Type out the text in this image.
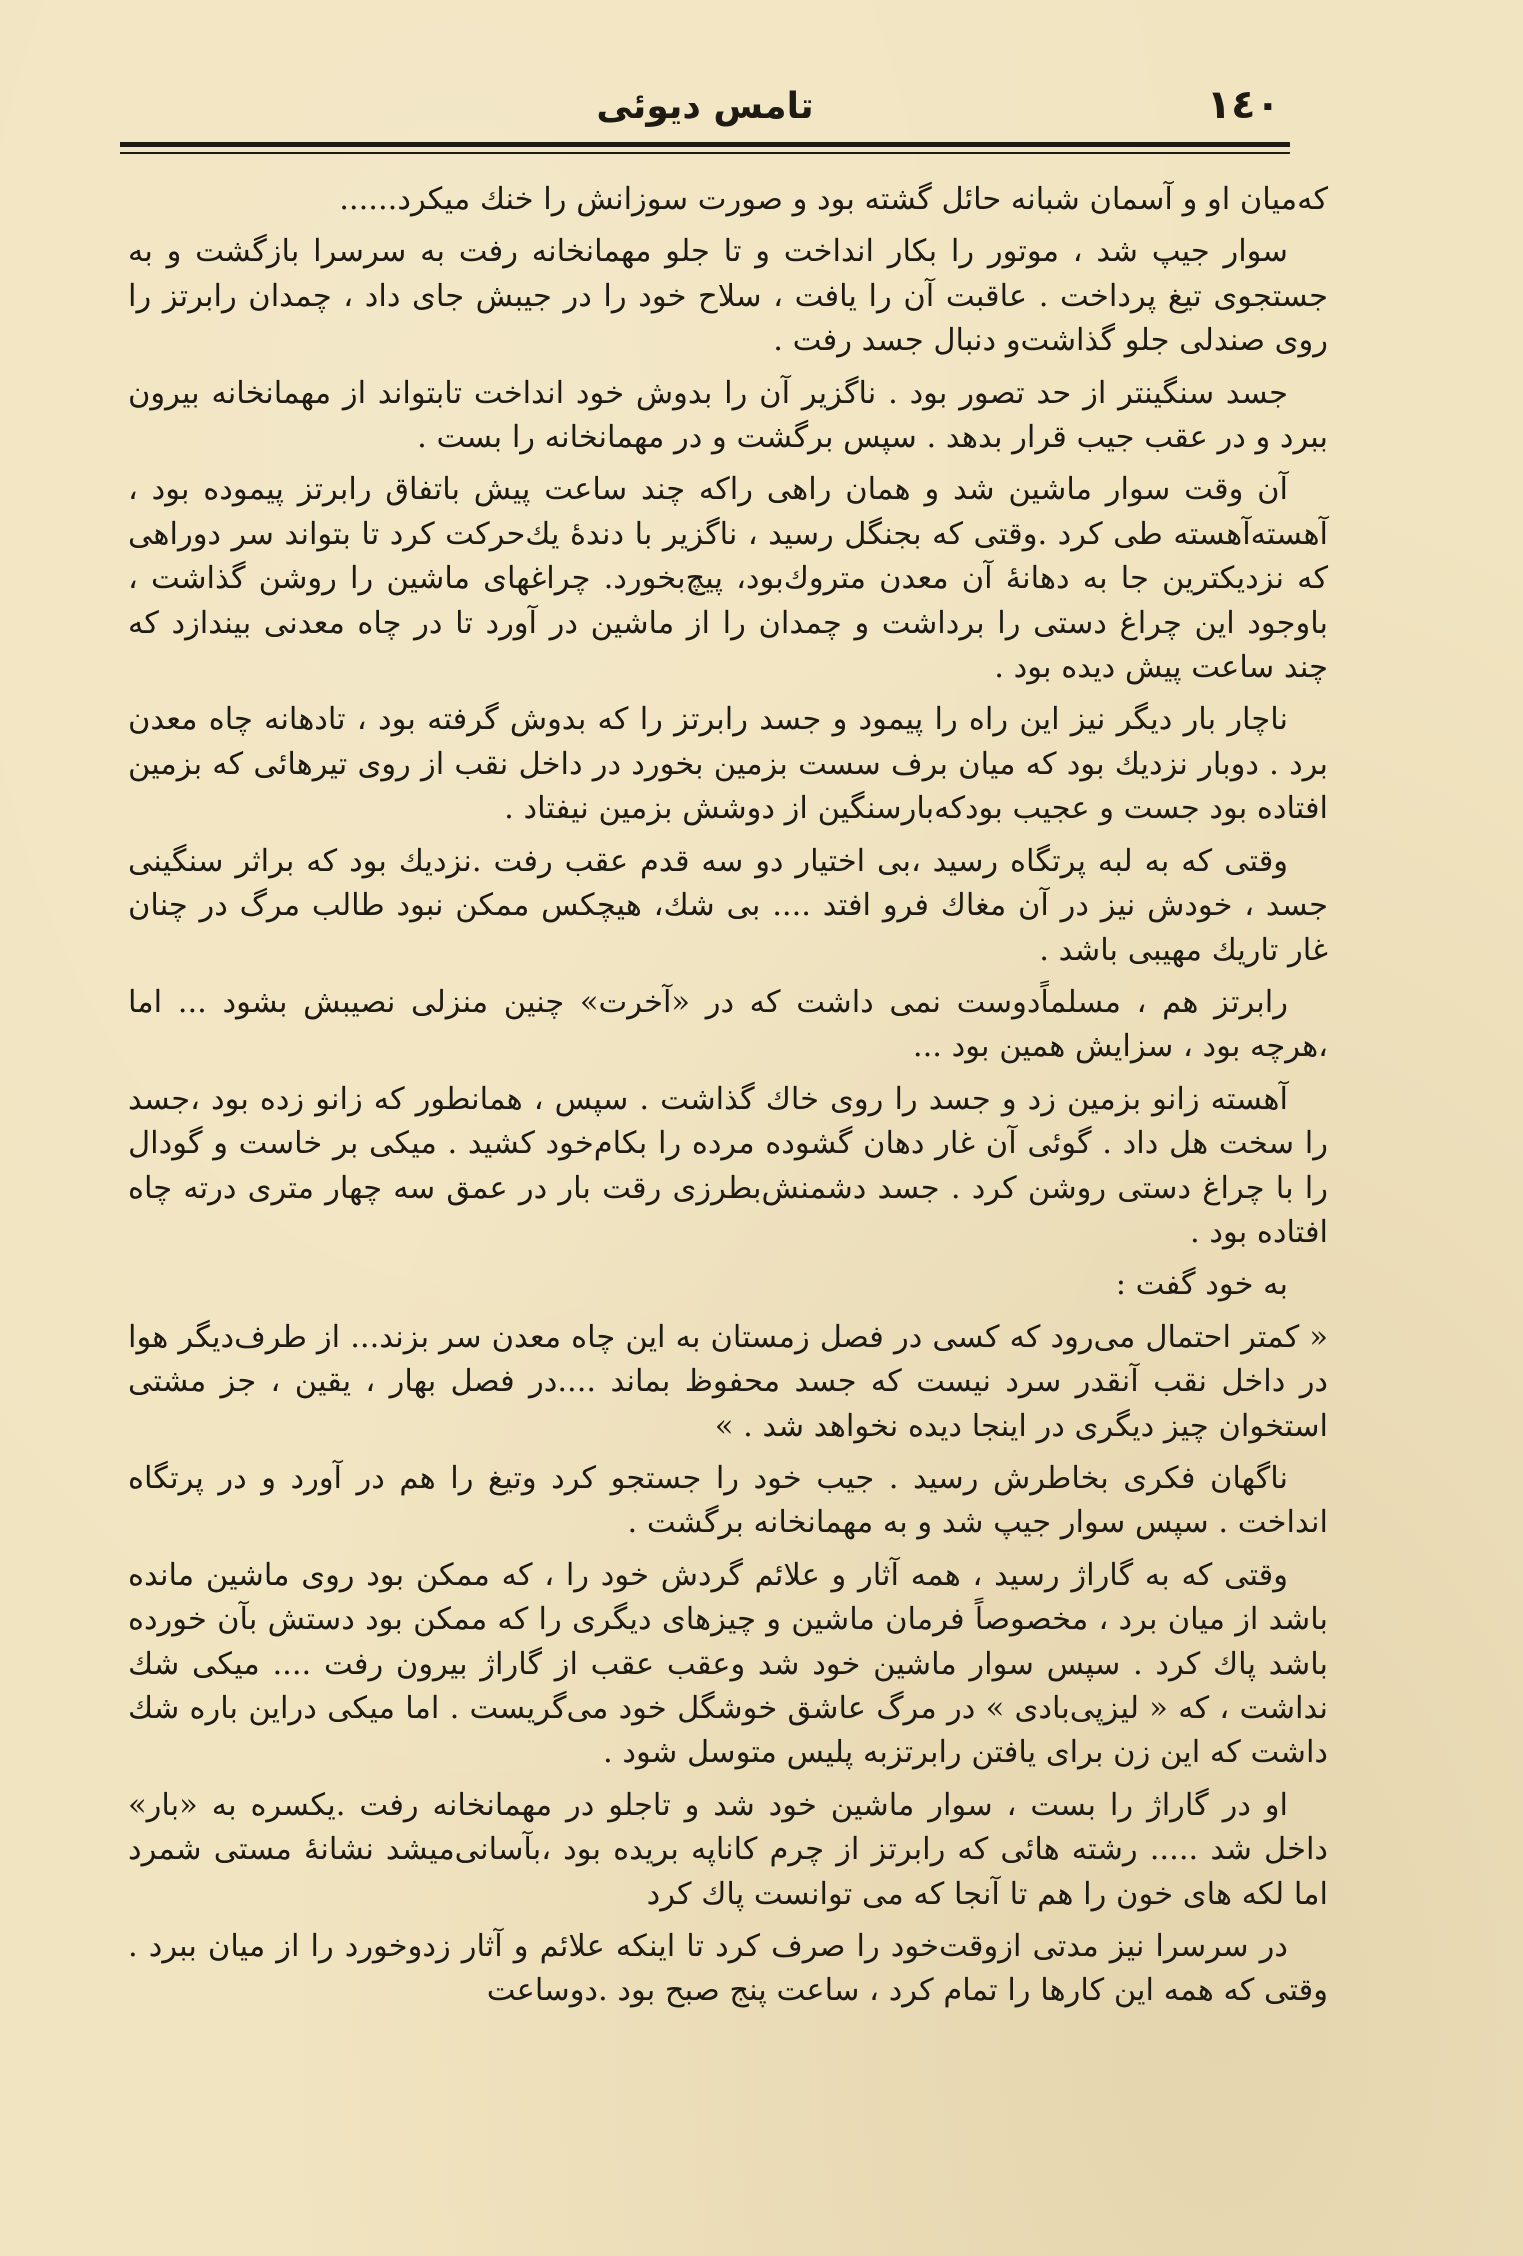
۱٤۰
تامس دیوئی

که‌میان او و آسمان شبانه حائل گشته بود و صورت سوزانش را خنك میکرد......

سوار جیپ شد ، موتور را بکار انداخت و تا جلو مهمانخانه رفت به سرسرا بازگشت و به جستجوی تیغ پرداخت . عاقبت آن را یافت ، سلاح خود را در جیبش جای داد ، چمدان رابرتز را روی صندلی جلو گذاشت‌و دنبال جسد رفت .

جسد سنگینتر از حد تصور بود . ناگزیر آن را بدوش خود انداخت تابتواند از مهمانخانه بیرون ببرد و در عقب جیب قرار بدهد . سپس برگشت و در مهمانخانه را بست .

آن وقت سوار ماشین شد و همان راهی راکه چند ساعت پیش باتفاق رابرتز پیموده بود ، آهسته‌آهسته طی کرد .وقتی که بجنگل رسید ، ناگزیر با دندهٔ یك‌حرکت کرد تا بتواند سر دوراهی که نزدیکترین جا به دهانهٔ آن معدن متروك‌بود، پیچ‌بخورد. چراغهای ماشین را روشن گذاشت ، باوجود این چراغ دستی را برداشت و چمدان را از ماشین در آورد تا در چاه معدنی بیندازد که چند ساعت پیش دیده بود .

ناچار بار دیگر نیز این راه را پیمود و جسد رابرتز را که بدوش گرفته بود ، تادهانه چاه معدن برد . دوبار نزدیك بود که میان برف سست بزمین بخورد در داخل نقب از روی تیرهائی که بزمین افتاده بود جست و عجیب بودکه‌بارسنگین از دوشش بزمین نیفتاد .

وقتی که به لبه پرتگاه رسید ،بی اختیار دو سه قدم عقب رفت .نزدیك بود که براثر سنگینی جسد ، خودش نیز در آن مغاك فرو افتد .... بی شك، هیچکس ممکن نبود طالب مرگ در چنان غار تاریك مهیبی باشد .

رابرتز هم ، مسلماًدوست نمی داشت که در «آخرت» چنین منزلی نصیبش بشود ... اما ،هرچه بود ، سزایش همین بود ...

آهسته زانو بزمین زد و جسد را روی خاك گذاشت . سپس ، همانطور که زانو زده بود ،جسد را سخت هل داد . گوئی آن غار دهان گشوده مرده را بکام‌خود کشید . میکی بر خاست و گودال را با چراغ دستی روشن کرد . جسد دشمنش‌بطرزی رقت بار در عمق سه چهار متری درته چاه افتاده بود .

به خود گفت :

« کمتر احتمال می‌رود که کسی در فصل زمستان به این چاه معدن سر بزند... از طرف‌دیگر هوا در داخل نقب آنقدر سرد نیست که جسد محفوظ بماند ....در فصل بهار ، یقین ، جز مشتی استخوان چیز دیگری در اینجا دیده نخواهد شد . »

ناگهان فکری بخاطرش رسید . جیب خود را جستجو کرد وتیغ را هم در آورد و در پرتگاه انداخت . سپس سوار جیپ شد و به مهمانخانه برگشت .

وقتی که به گاراژ رسید ، همه آثار و علائم گردش خود را ، که ممکن بود روی ماشین مانده باشد از میان برد ، مخصوصاً فرمان ماشین و چیزهای دیگری را که ممکن بود دستش بآن خورده باشد پاك کرد . سپس سوار ماشین خود شد وعقب عقب از گاراژ بیرون رفت .... میکی شك نداشت ، که « لیزپی‌بادی » در مرگ عاشق خوشگل خود می‌گریست . اما میکی دراین باره شك داشت که این زن برای یافتن رابرتزبه پلیس متوسل شود .

او در گاراژ را بست ، سوار ماشین خود شد و تاجلو در مهمانخانه رفت .یکسره به «بار» داخل شد ..... رشته هائی که رابرتز از چرم کاناپه بریده بود ،بآسانی‌میشد نشانهٔ مستی شمرد اما لکه های خون را هم تا آنجا که می توانست پاك کرد

در سرسرا نیز مدتی ازوقت‌خود را صرف کرد تا اینکه علائم و آثار زدوخورد را از میان ببرد . وقتی که همه این کارها را تمام کرد ، ساعت پنج صبح بود .دوساعت
